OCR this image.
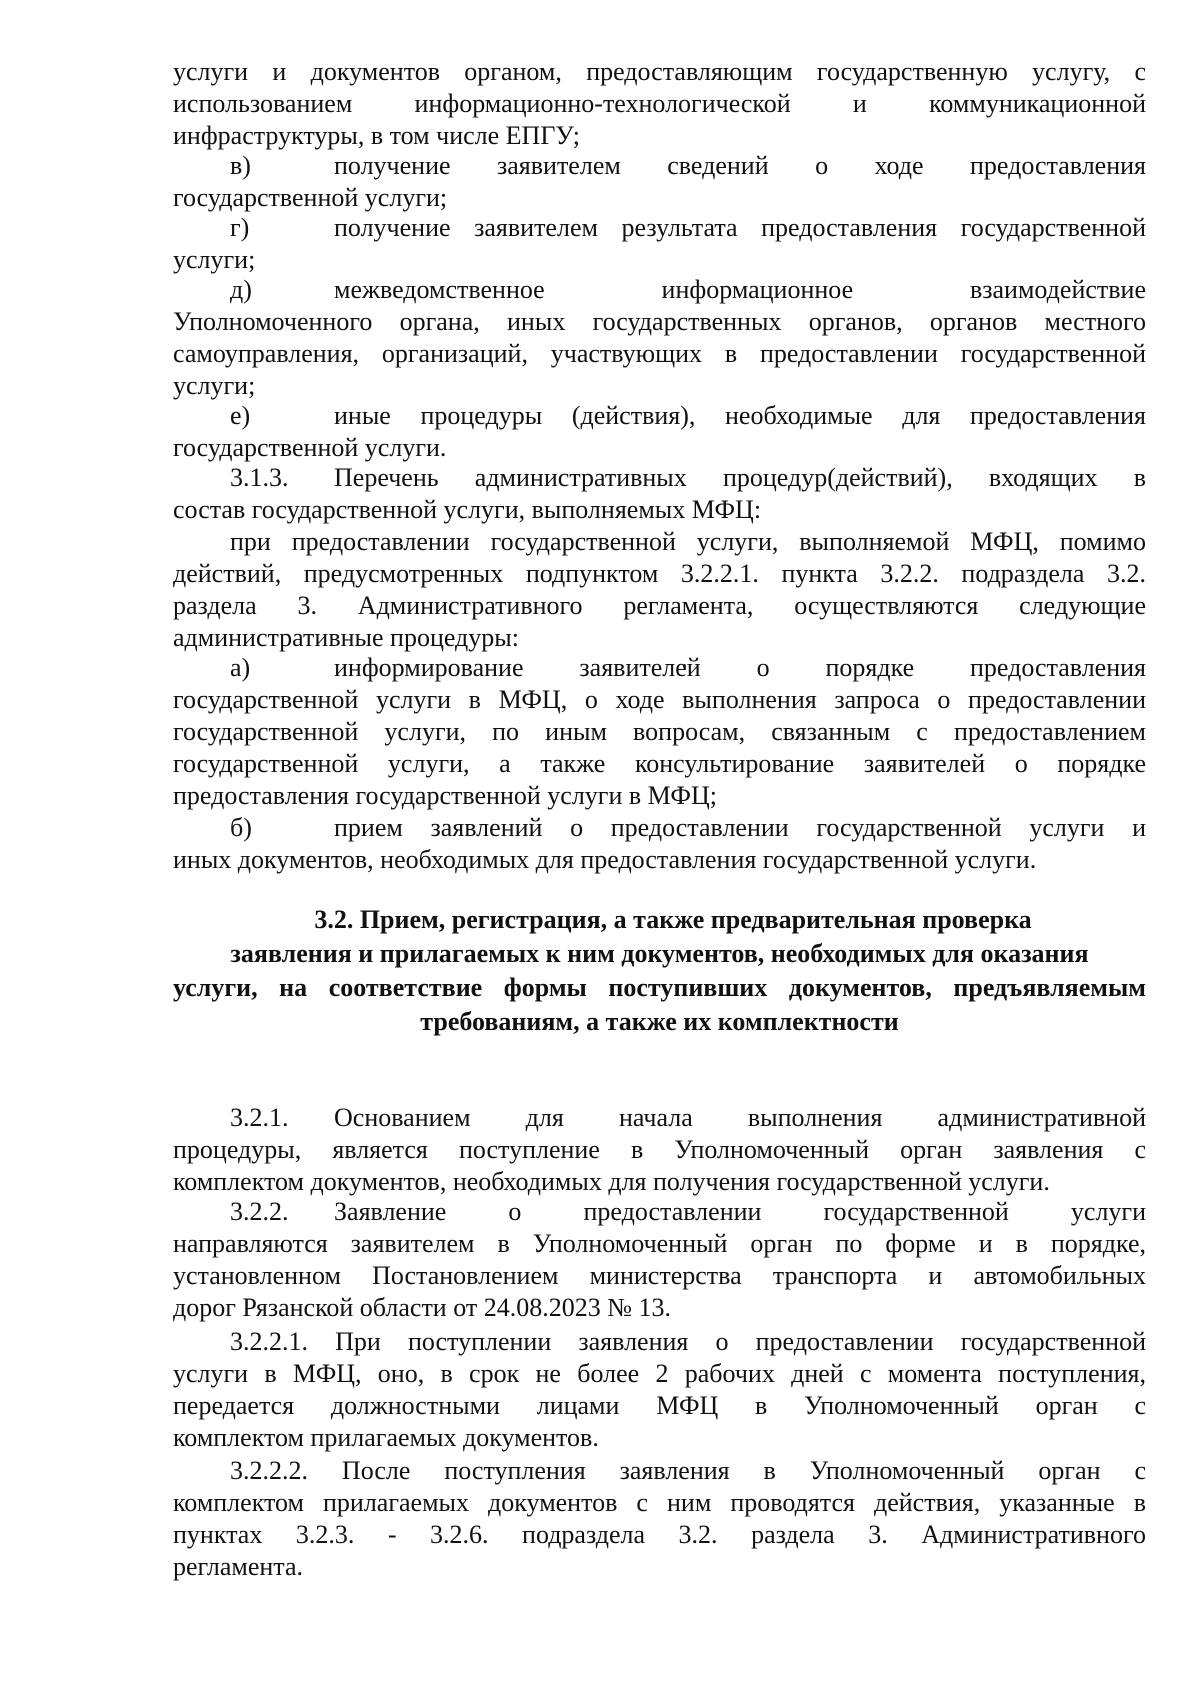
услуги и документов органом, предоставляющим государственную услугу, с
использованием информационно-технологической и коммуникационной
инфраструктуры, в том числе ЕПГУ;
в)	получение заявителем сведений о ходе предоставления
государственной услуги;
г)	получение заявителем результата предоставления государственной
услуги;
д)	межведомственное информационное взаимодействие
Уполномоченного органа, иных государственных органов, органов местного
самоуправления, организаций, участвующих в предоставлении государственной
услуги;
е)	иные процедуры (действия), необходимые для предоставления
государственной услуги.
3.1.3. Перечень административных процедур(действий), входящих в
состав государственной услуги, выполняемых МФЦ:
при предоставлении государственной услуги, выполняемой МФЦ, помимо
действий, предусмотренных подпунктом 3.2.2.1. пункта 3.2.2. подраздела 3.2.
раздела 3. Административного регламента, осуществляются следующие
административные процедуры:
а)	информирование заявителей о порядке предоставления
государственной услуги в МФЦ, о ходе выполнения запроса о предоставлении
государственной услуги, по иным вопросам, связанным с предоставлением
государственной услуги, а также консультирование заявителей о порядке
предоставления государственной услуги в МФЦ;
б)	прием заявлений о предоставлении государственной услуги и
иных документов, необходимых для предоставления государственной услуги.
3.2. Прием, регистрация, а также предварительная проверка
заявления и прилагаемых к ним документов, необходимых для оказания
услуги, на соответствие формы поступивших документов, предъявляемым
требованиям, а также их комплектности
3.2.1. Основанием для начала выполнения административной
процедуры, является поступление в Уполномоченный орган заявления с
комплектом документов, необходимых для получения государственной услуги.
3.2.2. Заявление о предоставлении государственной услуги
направляются заявителем в Уполномоченный орган по форме и в порядке,
установленном Постановлением министерства транспорта и автомобильных
дорог Рязанской области от 24.08.2023 № 13.
3.2.2.1. При поступлении заявления о предоставлении государственной
услуги в МФЦ, оно, в срок не более 2 рабочих дней с момента поступления,
передается должностными лицами МФЦ в Уполномоченный орган с
комплектом прилагаемых документов.
3.2.2.2. После поступления заявления в Уполномоченный орган с
комплектом прилагаемых документов с ним проводятся действия, указанные в
пунктах 3.2.3. - 3.2.6. подраздела 3.2. раздела 3. Административного
регламента.
